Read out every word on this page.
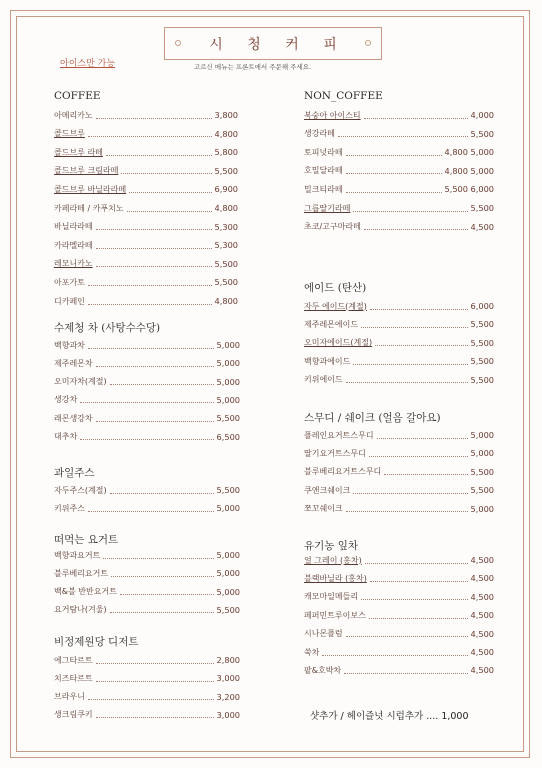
시 청 커 피
아이스만 가능	고르신 메뉴는 프론트에서 주문해 주세요.
COFFEE
아메리카노	3,800
콜드브루	4,800
콜드브루 라떼	5,800
콜드브루 크림라떼	5,500
콜드브루 바닐라라떼	6,900
카페라떼 / 카푸치노	4,800
바닐라라떼	5,300
카라멜라떼	5,300
레모니카노	5,500
아포가토	5,500
디카페인	4,800
수제청 차 (사탕수수당)
백향과차	5,000
제주레몬차	5,000
오미자차(계절)	5,000
생강차	5,000
래몬생강차	5,500
대추차	6,500
과일주스
자두주스(계절)	5,500
키위주스	5,000
떠먹는 요거트
백향과요거트	5,000
블루베리요거트	5,000
백&블 반반요거트	5,000
요거탐나(겨울)	5,500
비정제원당 디저트
에그타르트	2,800
치즈타르트	3,000
브라우니	3,200
생크림쿠키	3,000
NON_COFFEE
복숭아 아이스티	4,000
생강라떼	5,500
토피넛라떼	4,800 5,000
호밀달라떼	4,800 5,000
밀크티라떼	5,500 6,000
그릅딸기라떼	5,500
초코/고구마라떼	4,500
에이드 (탄산)
자두 에이드(계절)	6,000
제주레몬에이드	5,500
오미자에이드(계절)	5,500
백향과에이드	5,500
키위에이드	5,500
스무디 / 쉐이크 (얼음 갈아요)
플레인요거트스무디	5,000
딸기요거트스무디	5,000
블루베리요거트스무디	5,500
쿠앤크쉐이크	5,500
쪼꼬쉐이크	5,000
유기농 잎차
얼 그레이 (홍차)	4,500
블랙바닐라 (홍차)	4,500
캐모마일메들리	4,500
페퍼민트루이보스	4,500
시나몬플럼	4,500
쑥차	4,500
팥&호박차	4,500
샷추가 / 헤이즐넛 시럽추가 .... 1,000
